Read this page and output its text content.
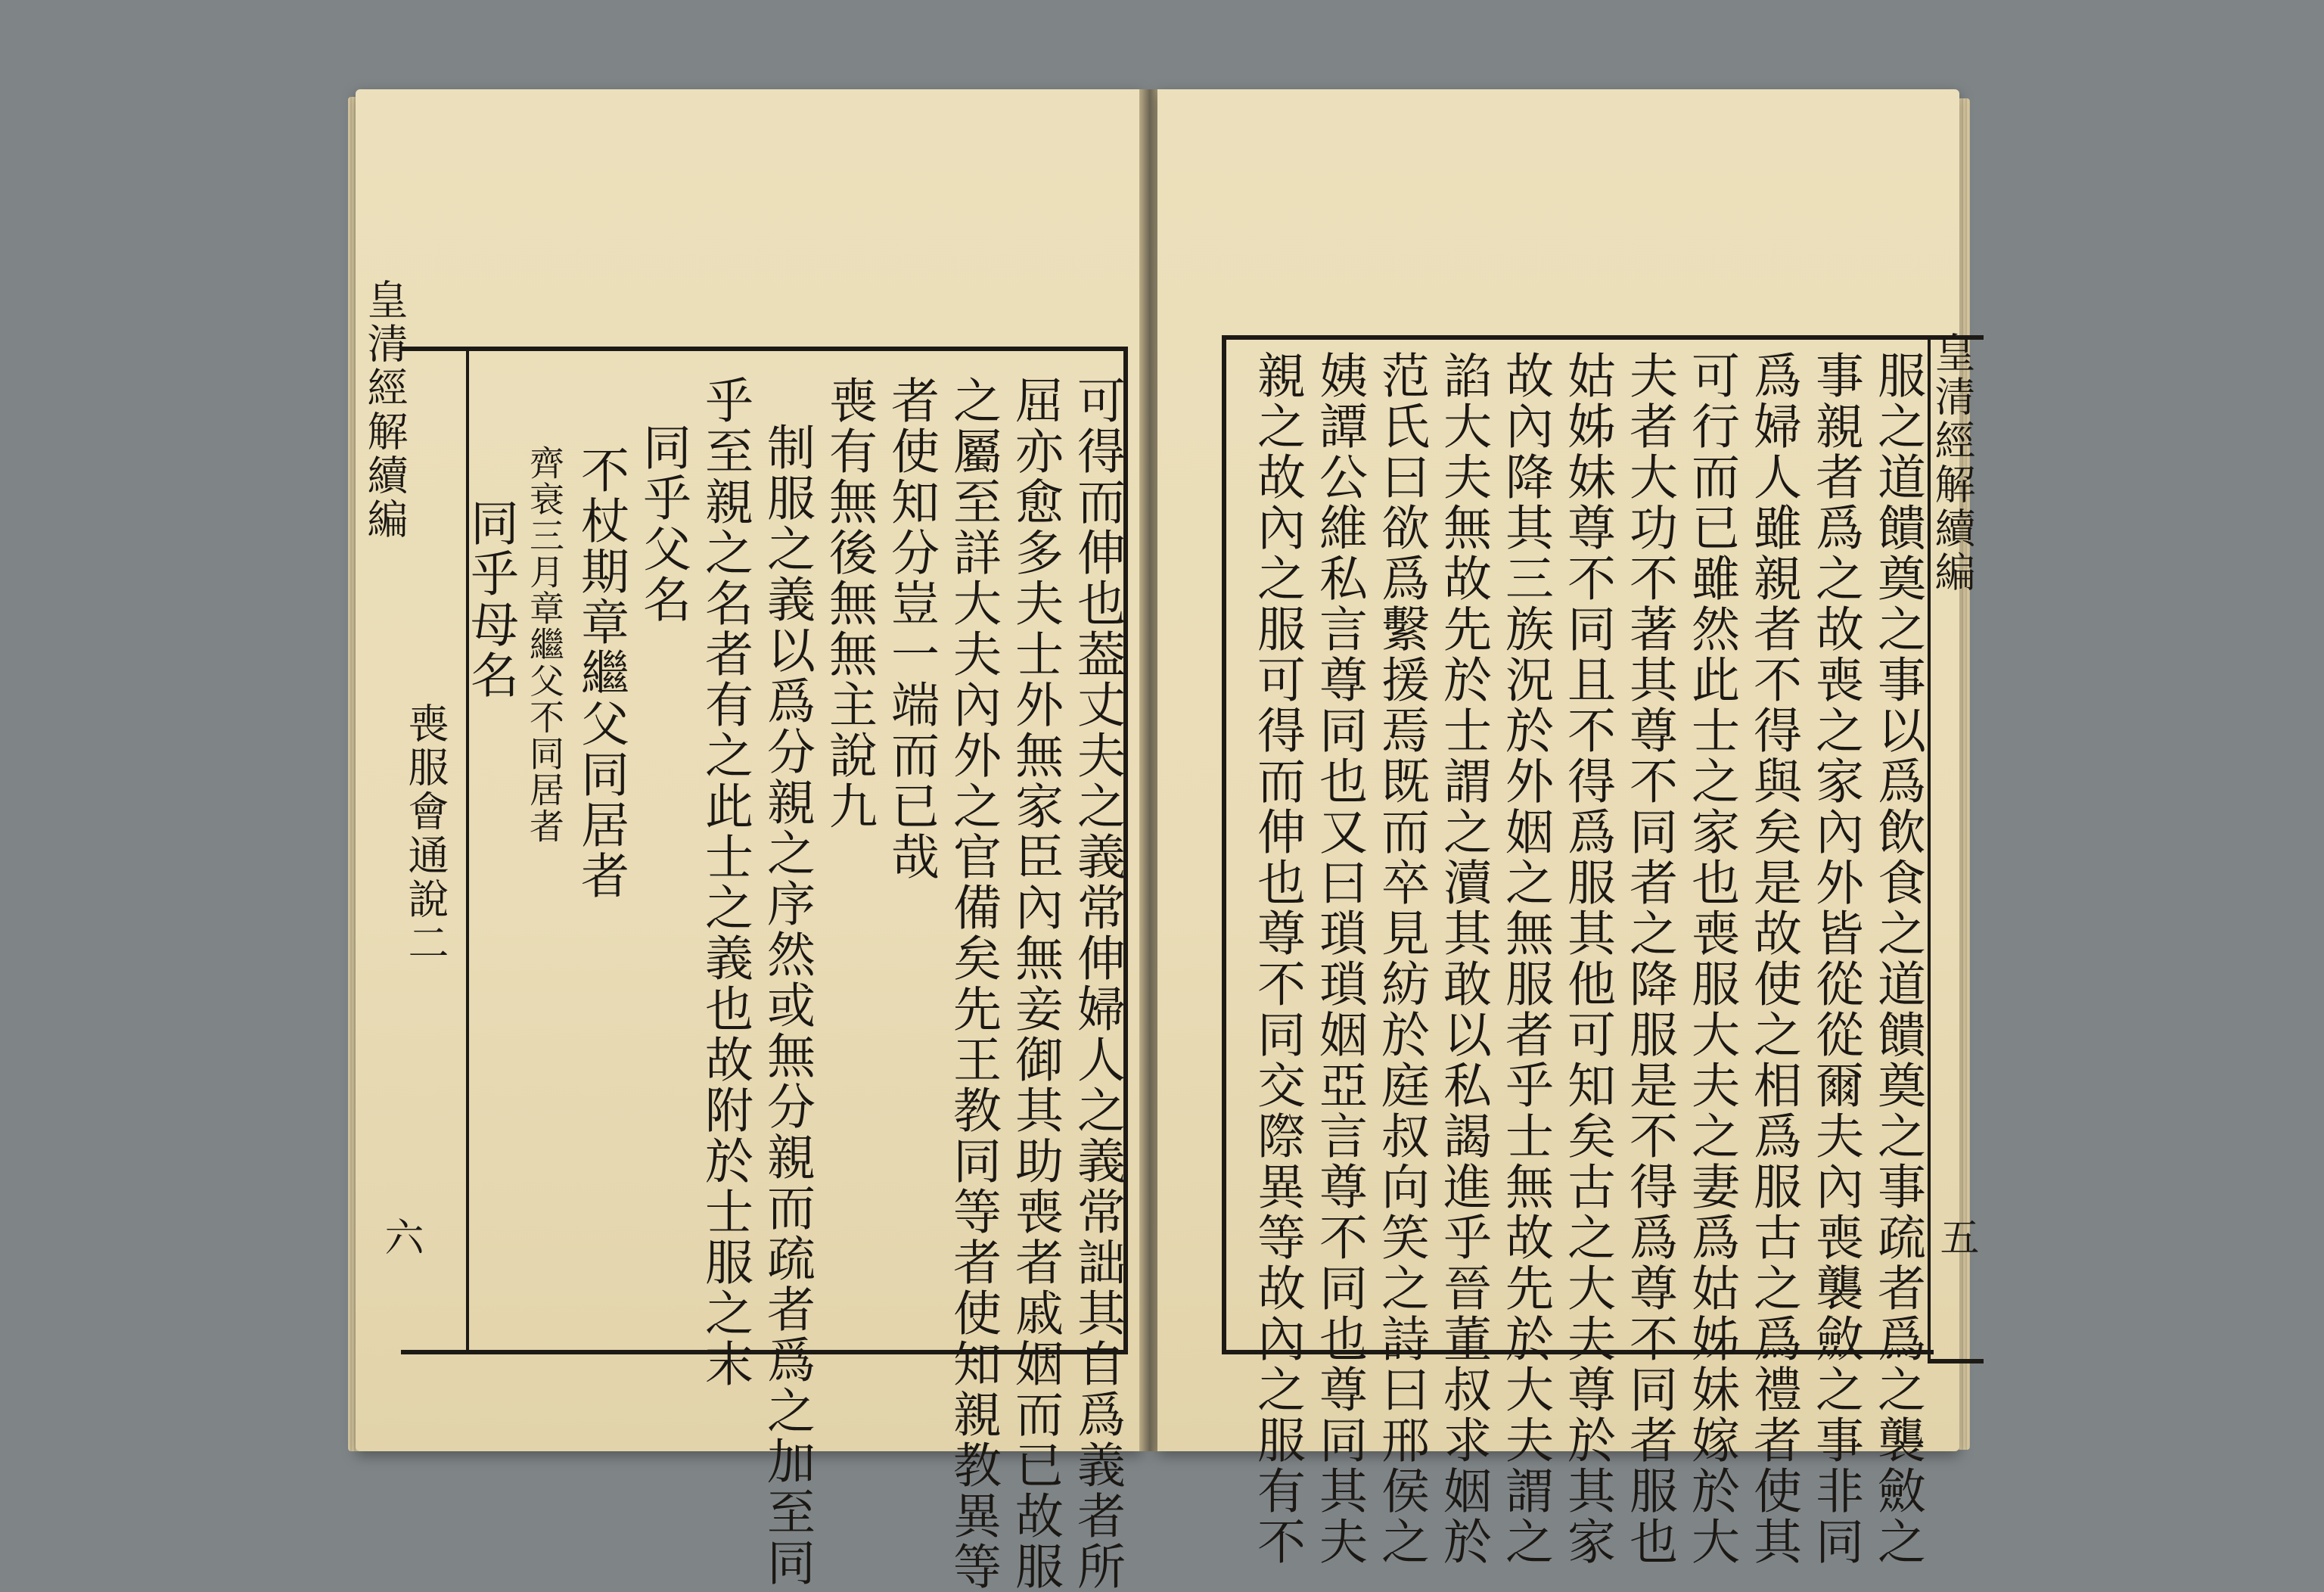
皇清經解續編
喪服會通說二
六	可得而伸也葢丈夫之義常伸婦人之義常詘其自爲義者所
屈亦愈多夫士外無家臣內無妾御其助喪者戚姻而已故服
之屬至詳大夫內外之官備矣先王教同等者使知親教異等
者使知分豈一端而已哉
喪有無後無無主說九
制服之義以爲分親之序然或無分親而疏者爲之加至同
乎至親之名者有之此士之義也故附於士服之末
同乎父名
不杖期章繼父同居者
齊衰三月章繼父不同居者
同乎母名
皇清經解續編
五
服之道饋奠之事以爲飲食之道饋奠之事疏者爲之襲斂之
事親者爲之故喪之家內外皆從從爾夫內喪襲斂之事非同
爲婦人雖親者不得與矣是故使之相爲服古之爲禮者使其
可行而已雖然此士之家也喪服大夫之妻爲姑姊妹嫁於大
夫者大功不著其尊不同者之降服是不得爲尊不同者服也
姑姊妹尊不同且不得爲服其他可知矣古之大夫尊於其家
故內降其三族況於外姻之無服者乎士無故先於大夫謂之
諂大夫無故先於士謂之瀆其敢以私謁進乎晉董叔求姻於
范氏曰欲爲繫援焉既而卒見紡於庭叔向笑之詩曰邢侯之
姨譚公維私言尊同也又曰瑣瑣姻亞言尊不同也尊同其夫
親之故內之服可得而伸也尊不同交際異等故內之服有不
